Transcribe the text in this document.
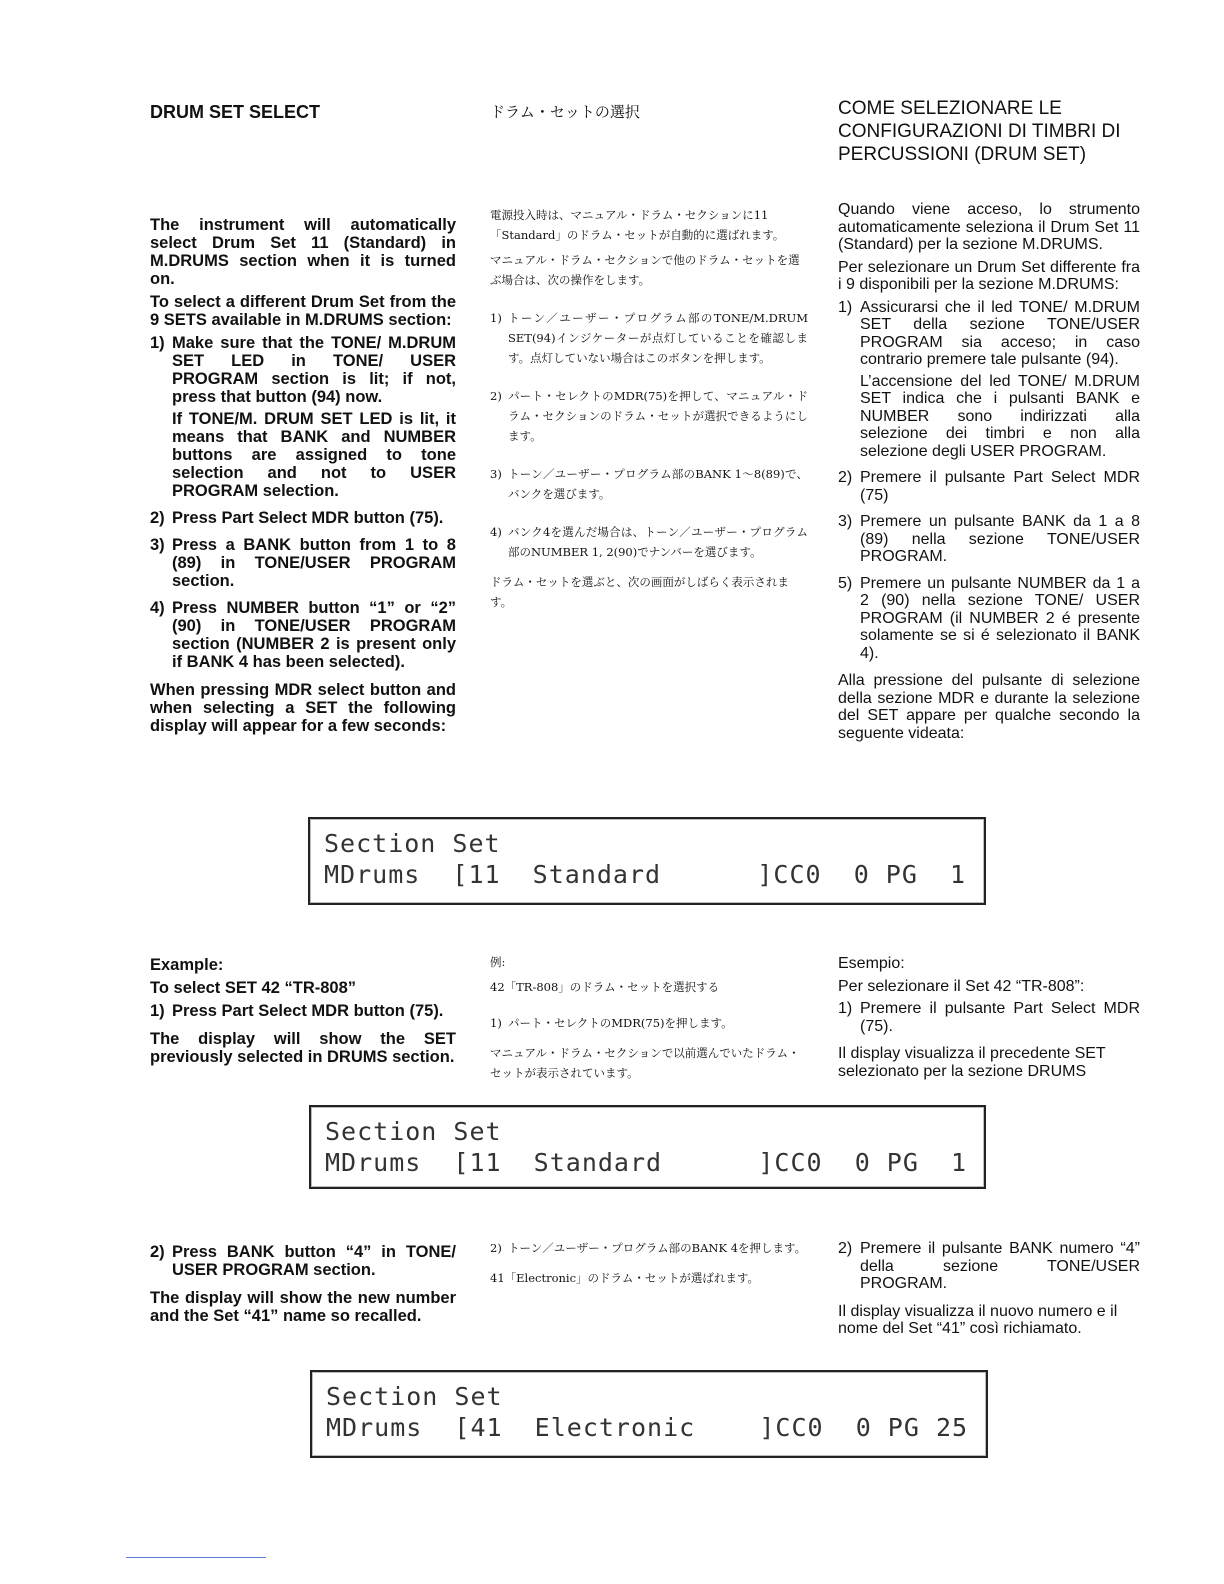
DRUM SET SELECT

The instrument will automatically select Drum Set 11 (Standard) in M.DRUMS section when it is turned on.

To select a different Drum Set from the 9 SETS available in M.DRUMS section:

1) Make sure that the TONE/ M.DRUM SET LED in TONE/ USER PROGRAM section is lit; if not, press that button (94) now.

If TONE/M. DRUM SET LED is lit, it means that BANK and NUMBER buttons are assigned to tone selection and not to USER PROGRAM selection.

2) Press Part Select MDR button (75).

3) Press a BANK button from 1 to 8 (89) in TONE/USER PROGRAM section.

4) Press NUMBER button “1” or “2” (90) in TONE/USER PROGRAM section (NUMBER 2 is present only if BANK 4 has been selected).

When pressing MDR select button and when selecting a SET the following display will appear for a few seconds:

ドラム・セットの選択

電源投入時は、マニュアル・ドラム・セクションに11「Standard」のドラム・セットが自動的に選ばれます。

マニュアル・ドラム・セクションで他のドラム・セットを選ぶ場合は、次の操作をします。

1) トーン／ユーザー・プログラム部のTONE/M.DRUM SET(94)インジケーターが点灯していることを確認します。点灯していない場合はこのボタンを押します。

2) パート・セレクトのMDR(75)を押して、マニュアル・ドラム・セクションのドラム・セットが選択できるようにします。

3) トーン／ユーザー・プログラム部のBANK 1〜8(89)で、バンクを選びます。

4) バンク4を選んだ場合は、トーン／ユーザー・プログラム部のNUMBER 1, 2(90)でナンバーを選びます。

ドラム・セットを選ぶと、次の画面がしばらく表示されます。

COME SELEZIONARE LE CONFIGURAZIONI DI TIMBRI DI PERCUSSIONI (DRUM SET)

Quando viene acceso, lo strumento automaticamente seleziona il Drum Set 11 (Standard) per la sezione M.DRUMS.

Per selezionare un Drum Set differente fra i 9 disponibili per la sezione M.DRUMS:

1) Assicurarsi che il led TONE/ M.DRUM SET della sezione TONE/USER PROGRAM sia acceso; in caso contrario premere tale pulsante (94).

L’accensione del led TONE/ M.DRUM SET indica che i pulsanti BANK e NUMBER sono indirizzati alla selezione dei timbri e non alla selezione degli USER PROGRAM.

2) Premere il pulsante Part Select MDR (75)

3) Premere un pulsante BANK da 1 a 8 (89) nella sezione TONE/USER PROGRAM.

5) Premere un pulsante NUMBER da 1 a 2 (90) nella sezione TONE/ USER PROGRAM (il NUMBER 2 é presente solamente se si é selezionato il BANK 4).

Alla pressione del pulsante di selezione della sezione MDR e durante la selezione del SET appare per qualche secondo la seguente videata:

Section Set
MDrums  [11  Standard      ]CC0  0 PG  1

Example:

To select SET 42 “TR-808”

1) Press Part Select MDR button (75).

The display will show the SET previously selected in DRUMS section.

例:

42「TR-808」のドラム・セットを選択する

1) パート・セレクトのMDR(75)を押します。

マニュアル・ドラム・セクションで以前選んでいたドラム・セットが表示されています。

Esempio:

Per selezionare il Set 42 “TR-808”:

1) Premere il pulsante Part Select MDR (75).

Il display visualizza il precedente SET selezionato per la sezione DRUMS

Section Set
MDrums  [11  Standard      ]CC0  0 PG  1
2) Press BANK button “4” in TONE/ USER PROGRAM section.

The display will show the new number and the Set “41” name so recalled.

2) トーン／ユーザー・プログラム部のBANK 4を押します。

41「Electronic」のドラム・セットが選ばれます。

2) Premere il pulsante BANK numero “4” della sezione TONE/USER PROGRAM.

Il display visualizza il nuovo numero e il nome del Set “41” così richiamato.

Section Set
MDrums  [41  Electronic    ]CC0  0 PG 25
